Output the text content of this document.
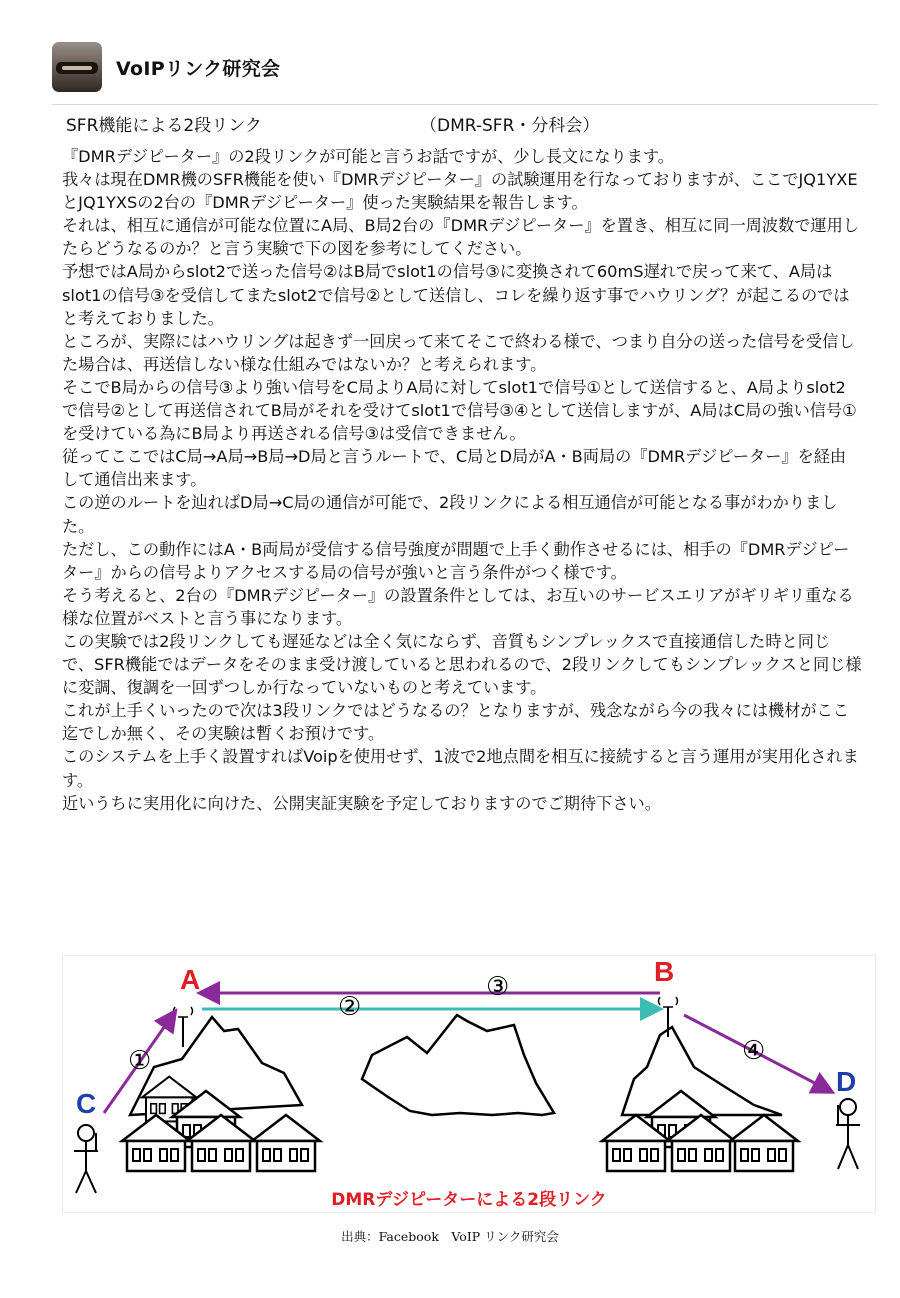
VoIPリンク研究会
SFR機能による2段リンク	（DMR-SFR・分科会）

『DMRデジピーター』の2段リンクが可能と言うお話ですが、少し長文になります。

我々は現在DMR機のSFR機能を使い『DMRデジピーター』の試験運用を行なっておりますが、ここでJQ1YXE とJQ1YXSの2台の『DMRデジピーター』使った実験結果を報告します。

それは、相互に通信が可能な位置にA局、B局2台の『DMRデジピーター』を置き、相互に同一周波数で運用したらどうなるのか？と言う実験で下の図を参考にしてください。

予想ではA局からslot2で送った信号②はB局でslot1の信号③に変換されて60mS遅れで戻って来て、A局はslot1の信号③を受信してまたslot2で信号②として送信し、コレを繰り返す事でハウリング？が起こるのではと考えておりました。

ところが、実際にはハウリングは起きず一回戻って来てそこで終わる様で、つまり自分の送った信号を受信した場合は、再送信しない様な仕組みではないか？と考えられます。

そこでB局からの信号③より強い信号をC局よりA局に対してslot1で信号①として送信すると、A局よりslot2で信号②として再送信されてB局がそれを受けてslot1で信号③④として送信しますが、A局はC局の強い信号①を受けている為にB局より再送される信号③は受信できません。

従ってここではC局→A局→B局→D局と言うルートで、C局とD局がA・B両局の『DMRデジピーター』を経由して通信出来ます。

この逆のルートを辿ればD局→C局の通信が可能で、2段リンクによる相互通信が可能となる事がわかりました。

ただし、この動作にはA・B両局が受信する信号強度が問題で上手く動作させるには、相手の『DMRデジピーター』からの信号よりアクセスする局の信号が強いと言う条件がつく様です。

そう考えると、2台の『DMRデジピーター』の設置条件としては、お互いのサービスエリアがギリギリ重なる様な位置がベストと言う事になります。

この実験では2段リンクしても遅延などは全く気にならず、音質もシンプレックスで直接通信した時と同じで、SFR機能ではデータをそのまま受け渡していると思われるので、2段リンクしてもシンプレックスと同じ様に変調、復調を一回ずつしか行なっていないものと考えています。

これが上手くいったので次は3段リンクではどうなるの？となりますが、残念ながら今の我々には機材がここ迄でしか無く、その実験は暫くお預けです。

このシステムを上手く設置すればVoipを使用せず、1波で2地点間を相互に接続すると言う運用が実用化されます。

近いうちに実用化に向けた、公開実証実験を予定しておりますのでご期待下さい。

A	B
C
D
①
②
③
④
DMRデジピーターによる2段リンク
出典：Facebook　VoIP リンク研究会
